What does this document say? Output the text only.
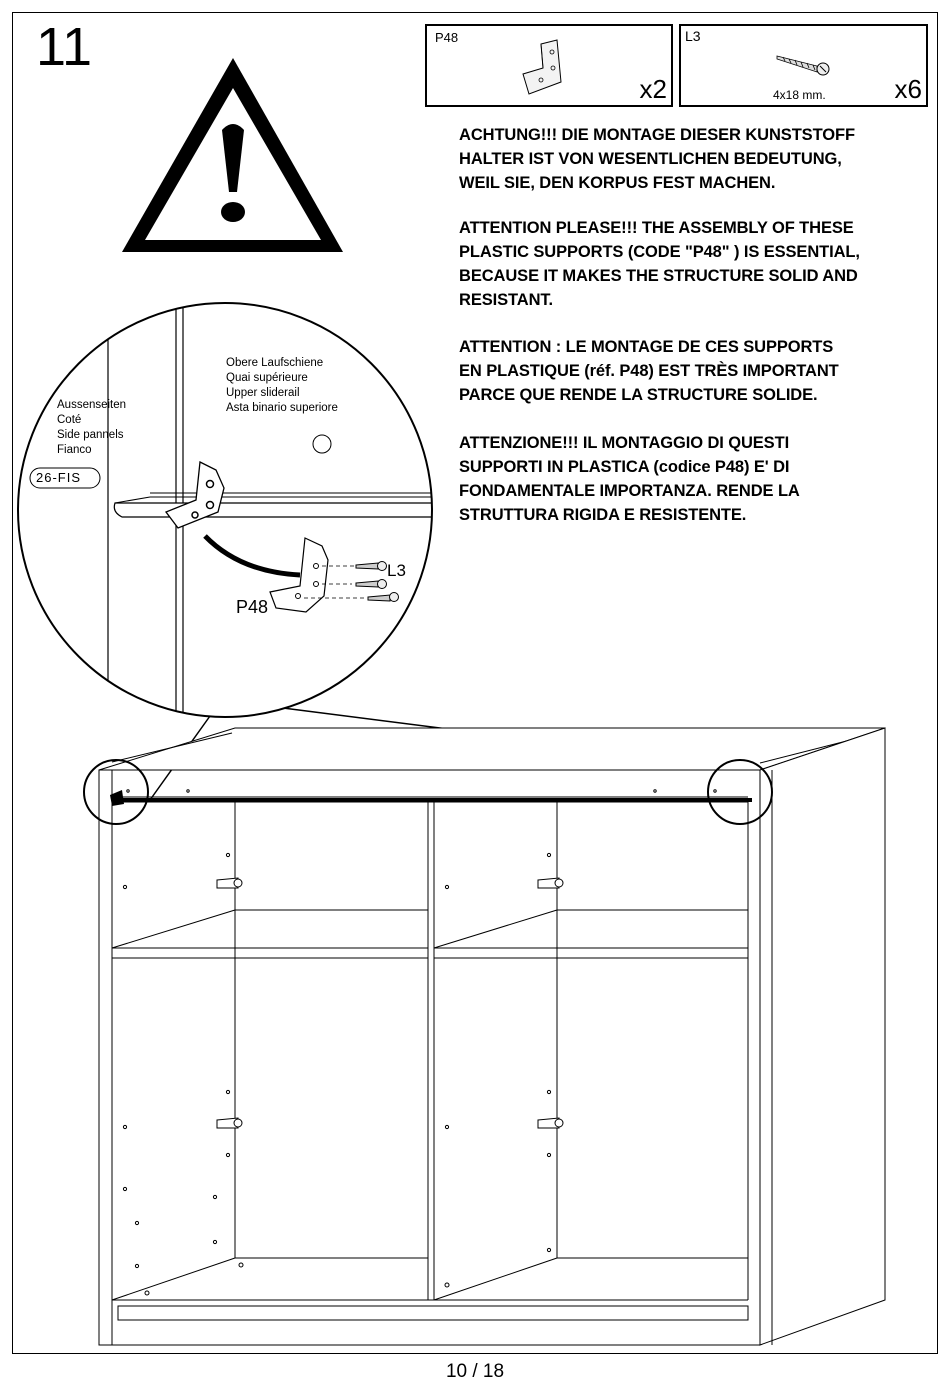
11	P48
x2
L3
4x18 mm.	x6
ACHTUNG!!! DIE MONTAGE DIESER KUNSTSTOFF
HALTER IST VON WESENTLICHEN BEDEUTUNG,
WEIL SIE, DEN KORPUS FEST MACHEN.
ATTENTION PLEASE!!! THE ASSEMBLY OF THESE
PLASTIC SUPPORTS (CODE "P48" ) IS ESSENTIAL,
BECAUSE IT MAKES THE STRUCTURE SOLID AND
RESISTANT.
ATTENTION : LE MONTAGE DE CES SUPPORTS
EN PLASTIQUE (réf. P48) EST TRÈS IMPORTANT
PARCE QUE RENDE LA STRUCTURE SOLIDE.
ATTENZIONE!!! IL MONTAGGIO DI QUESTI
SUPPORTI IN PLASTICA (codice P48) E' DI
FONDAMENTALE IMPORTANZA. RENDE LA
STRUTTURA RIGIDA E RESISTENTE.
Obere Laufschiene
Quai supérieure
Upper sliderail
Asta binario superiore
Aussenseiten
Coté
Side pannels
Fianco
26-FIS
L3
P48
10 / 18
